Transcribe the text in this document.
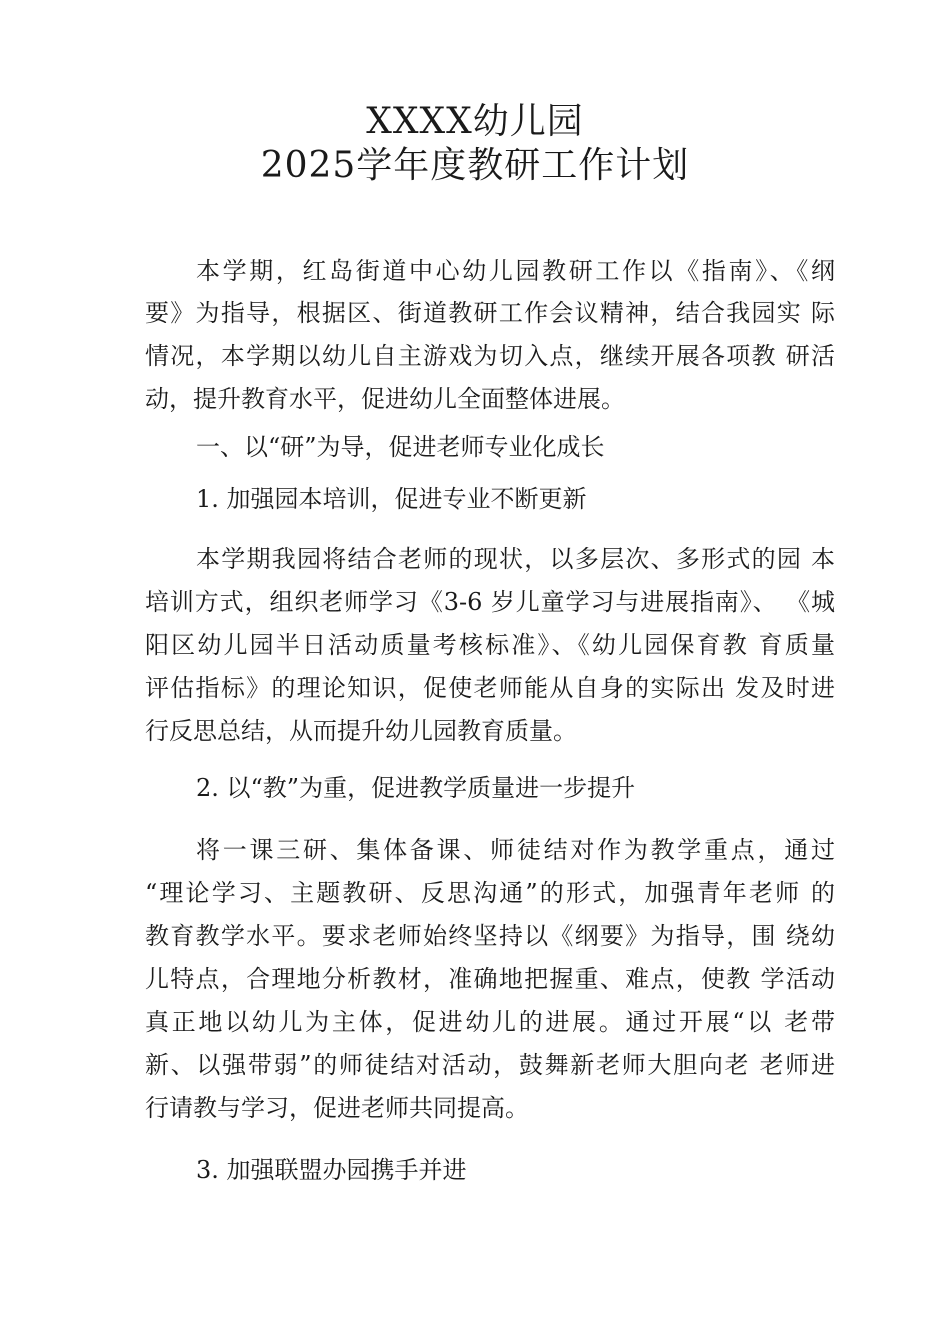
XXXX幼儿园
2025学年度教研工作计划
本学期，红岛街道中心幼儿园教研工作以《指南》、《纲
要》为指导，根据区、街道教研工作会议精神，结合我园实 际
情况，本学期以幼儿自主游戏为切入点，继续开展各项教 研活
动，提升教育水平，促进幼儿全面整体进展。
一、以“研”为导，促进老师专业化成长
1. 加强园本培训，促进专业不断更新
本学期我园将结合老师的现状，以多层次、多形式的园 本
培训方式，组织老师学习《3-6 岁儿童学习与进展指南》、 《城
阳区幼儿园半日活动质量考核标准》、《幼儿园保育教 育质量
评估指标》的理论知识，促使老师能从自身的实际出 发及时进
行反思总结，从而提升幼儿园教育质量。
2. 以“教”为重，促进教学质量进一步提升
将一课三研、集体备课、师徒结对作为教学重点，通过
“理论学习、主题教研、反思沟通”的形式，加强青年老师 的
教育教学水平。要求老师始终坚持以《纲要》为指导，围 绕幼
儿特点，合理地分析教材，准确地把握重、难点，使教 学活动
真正地以幼儿为主体，促进幼儿的进展。通过开展“以 老带
新、以强带弱”的师徒结对活动，鼓舞新老师大胆向老 老师进
行请教与学习，促进老师共同提高。
3. 加强联盟办园携手并进
